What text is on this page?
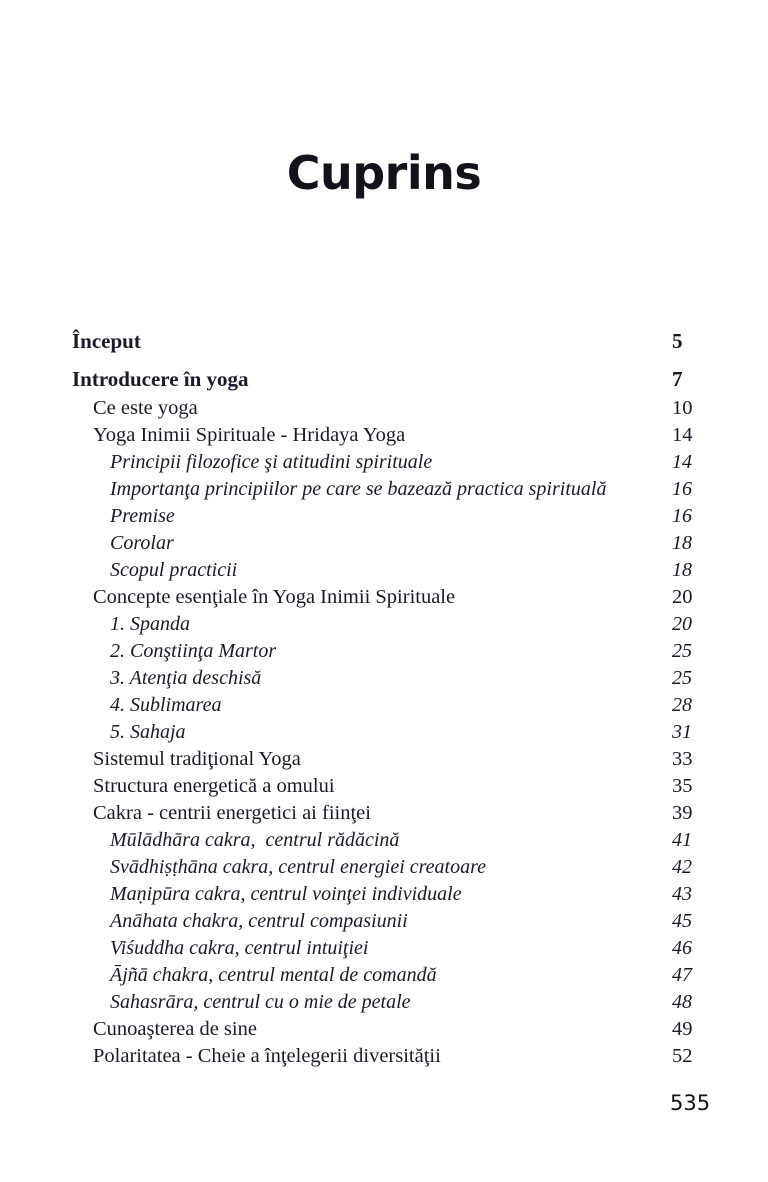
Cuprins
Început	5
Introducere în yoga	7
Ce este yoga	10
Yoga Inimii Spirituale - Hridaya Yoga	14
Principii filozofice şi atitudini spirituale	14
Importanţa principiilor pe care se bazează practica spirituală	16
Premise	16
Corolar	18
Scopul practicii	18
Concepte esenţiale în Yoga Inimii Spirituale	20
1. Spanda	20
2. Conştiinţa Martor	25
3. Atenţia deschisă	25
4. Sublimarea	28
5. Sahaja	31
Sistemul tradiţional Yoga	33
Structura energetică a omului	35
Cakra - centrii energetici ai fiinţei	39
Mūlādhāra cakra,  centrul rădăcină	41
Svādhiṣṭhāna cakra, centrul energiei creatoare	42
Maṇipūra cakra, centrul voinţei individuale	43
Anāhata chakra, centrul compasiunii	45
Viśuddha cakra, centrul intuiţiei	46
Ājñā chakra, centrul mental de comandă	47
Sahasrāra, centrul cu o mie de petale	48
Cunoaşterea de sine	49
Polaritatea - Cheie a înţelegerii diversităţii	52
535
